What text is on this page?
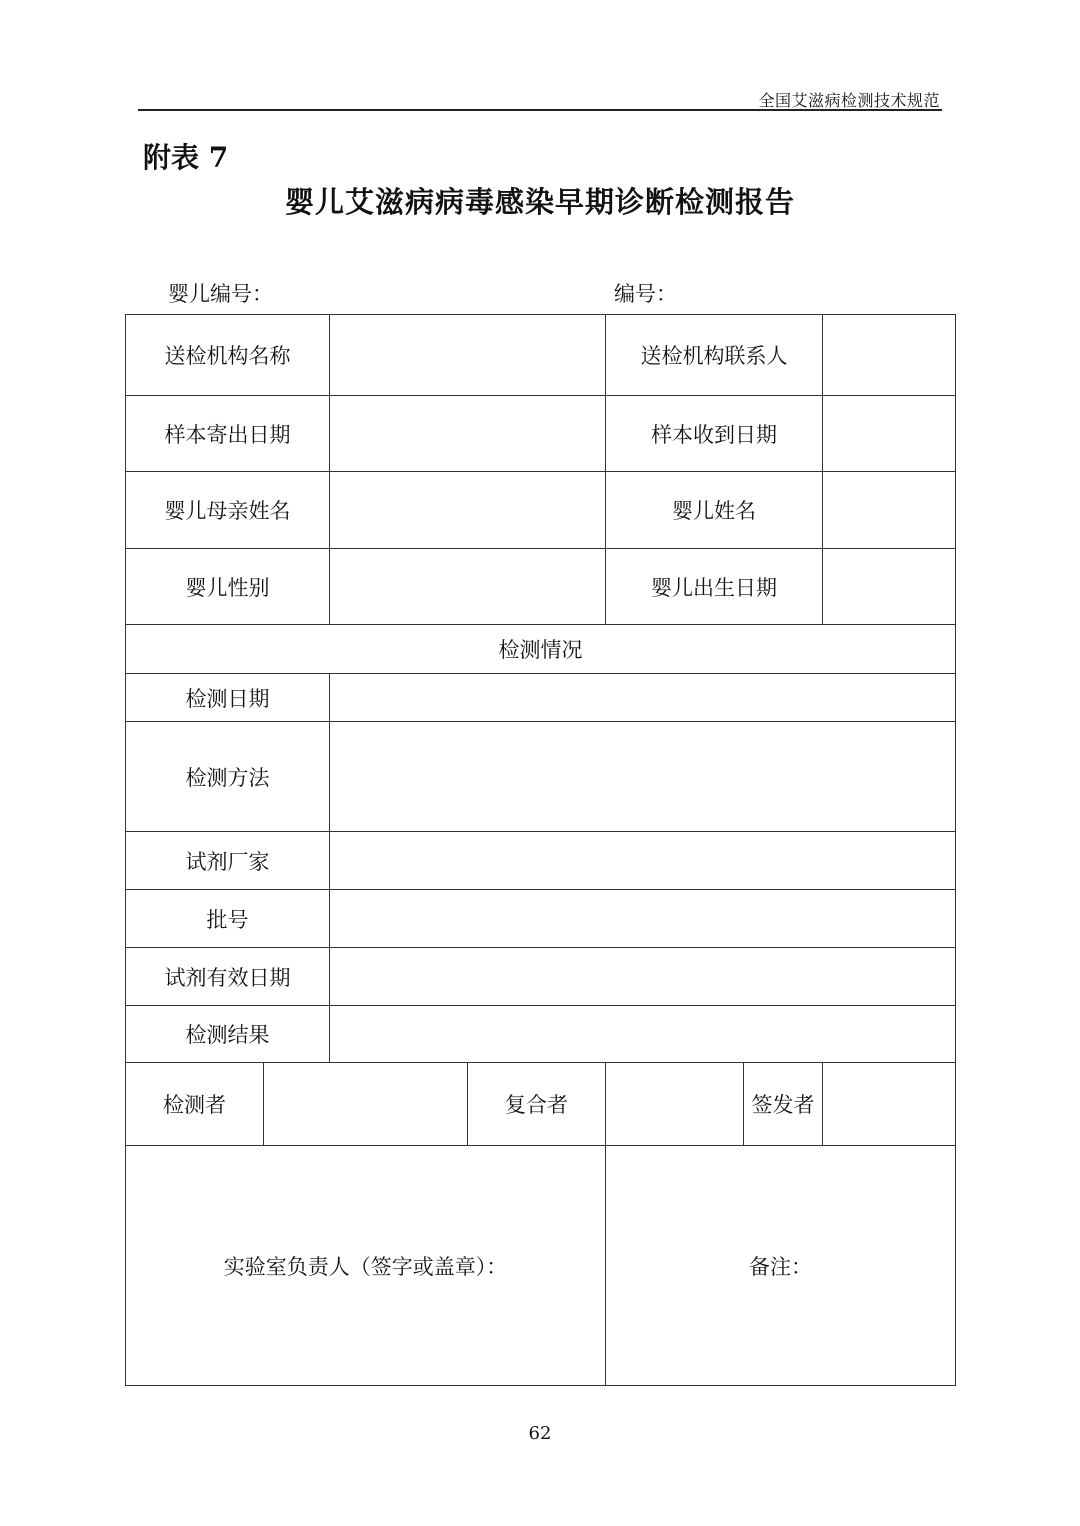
全国艾滋病检测技术规范
附表 7
婴儿艾滋病病毒感染早期诊断检测报告
婴儿编号：	编号：
送检机构名称				送检机构联系人		
样本寄出日期				样本收到日期		
婴儿母亲姓名				婴儿姓名		
婴儿性别				婴儿出生日期		
检测情况						
检测日期						
检测方法						
试剂厂家						
批号						
试剂有效日期						
检测结果						
检测者			复合者		签发者	
实验室负责人（签字或盖章）：				备注：		
62
